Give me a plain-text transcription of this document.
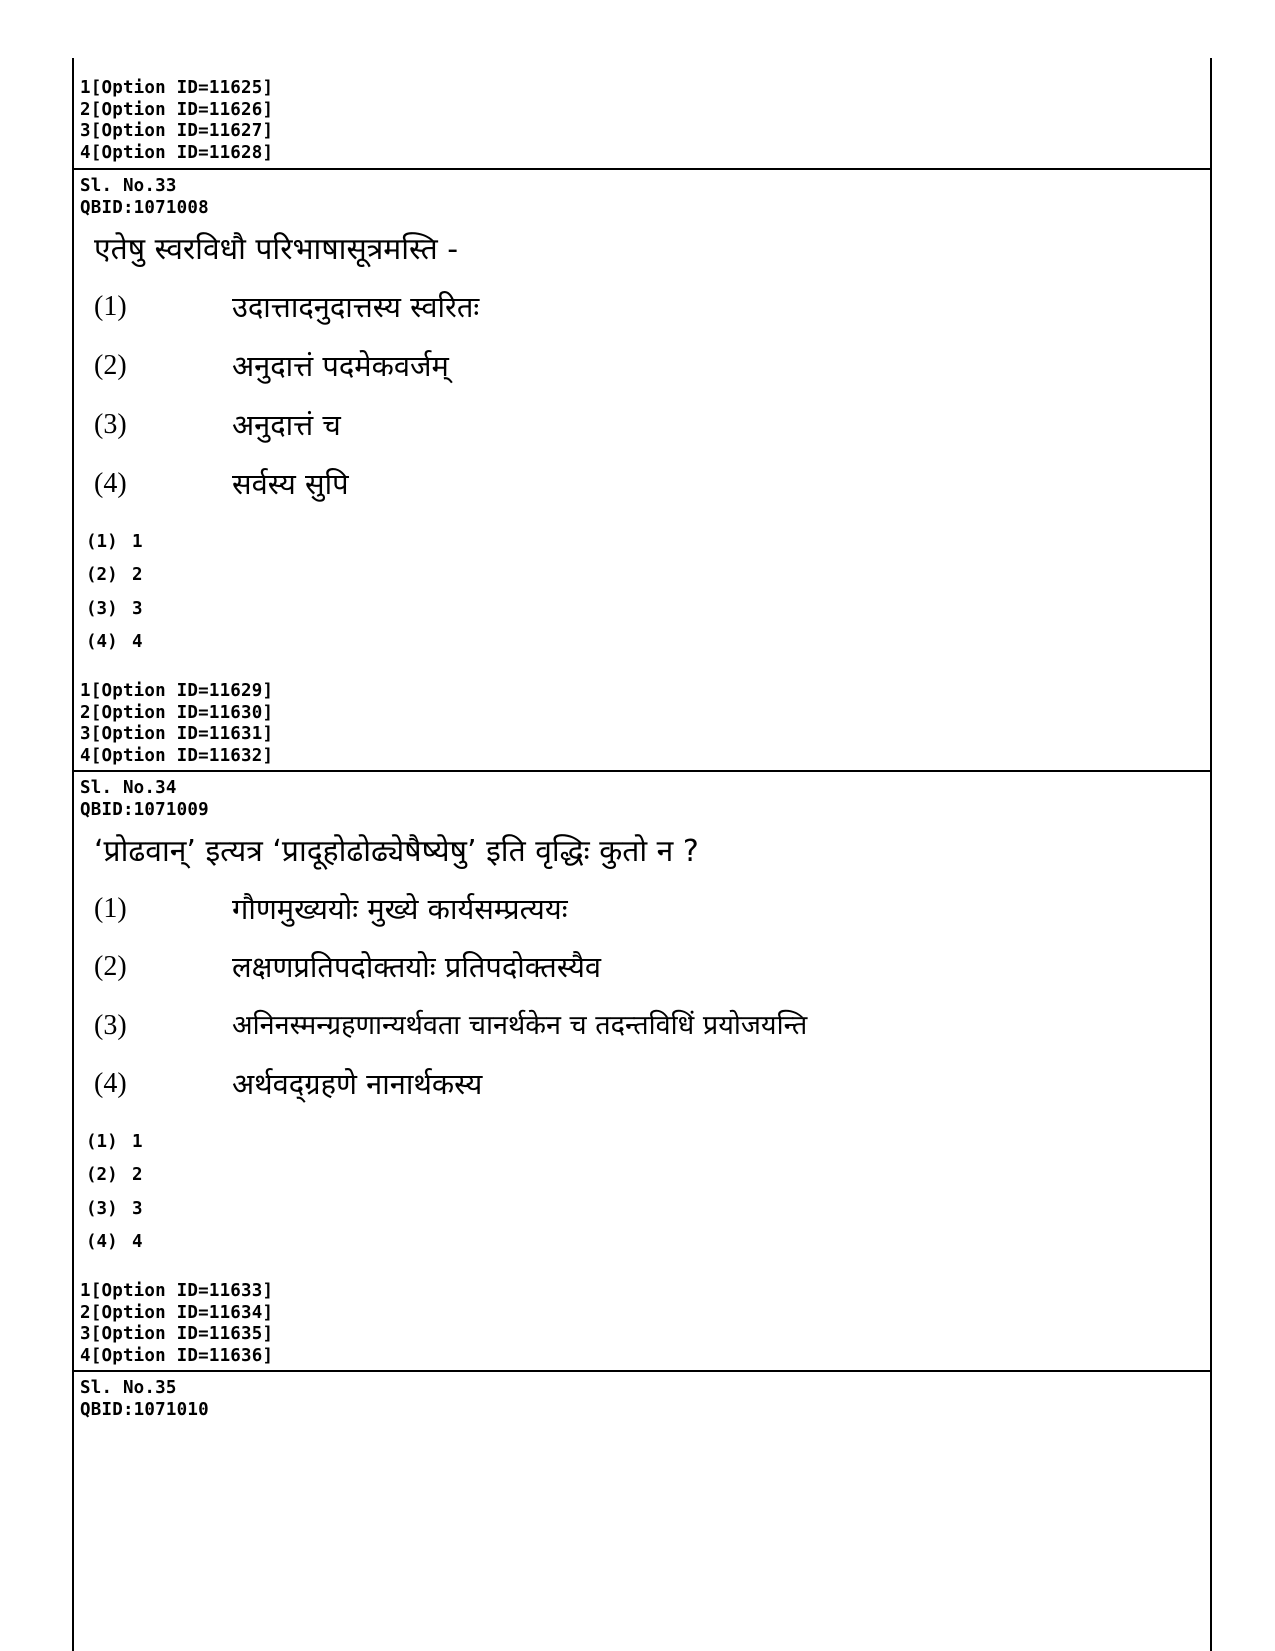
1[Option ID=11625]
2[Option ID=11626]
3[Option ID=11627]
4[Option ID=11628]
Sl. No.33
QBID:1071008
एतेषु स्वरविधौ परिभाषासूत्रमस्ति -
(1)	उदात्तादनुदात्तस्य स्वरितः
(2)	अनुदात्तं पदमेकवर्जम्
(3)	अनुदात्तं च
(4)	सर्वस्य सुपि
(1) 1
(2) 2
(3) 3
(4) 4
1[Option ID=11629]
2[Option ID=11630]
3[Option ID=11631]
4[Option ID=11632]
Sl. No.34
QBID:1071009
‘प्रोढवान्’ इत्यत्र ‘प्रादूहोढोढ्येषैष्येषु’ इति वृद्धिः कुतो न ?
(1)	गौणमुख्ययोः मुख्ये कार्यसम्प्रत्ययः
(2)	लक्षणप्रतिपदोक्तयोः प्रतिपदोक्तस्यैव
(3)	अनिनस्मन्ग्रहणान्यर्थवता चानर्थकेन च तदन्तविधिं प्रयोजयन्ति
(4)	अर्थवद्ग्रहणे नानार्थकस्य
(1) 1
(2) 2
(3) 3
(4) 4
1[Option ID=11633]
2[Option ID=11634]
3[Option ID=11635]
4[Option ID=11636]
Sl. No.35
QBID:1071010
